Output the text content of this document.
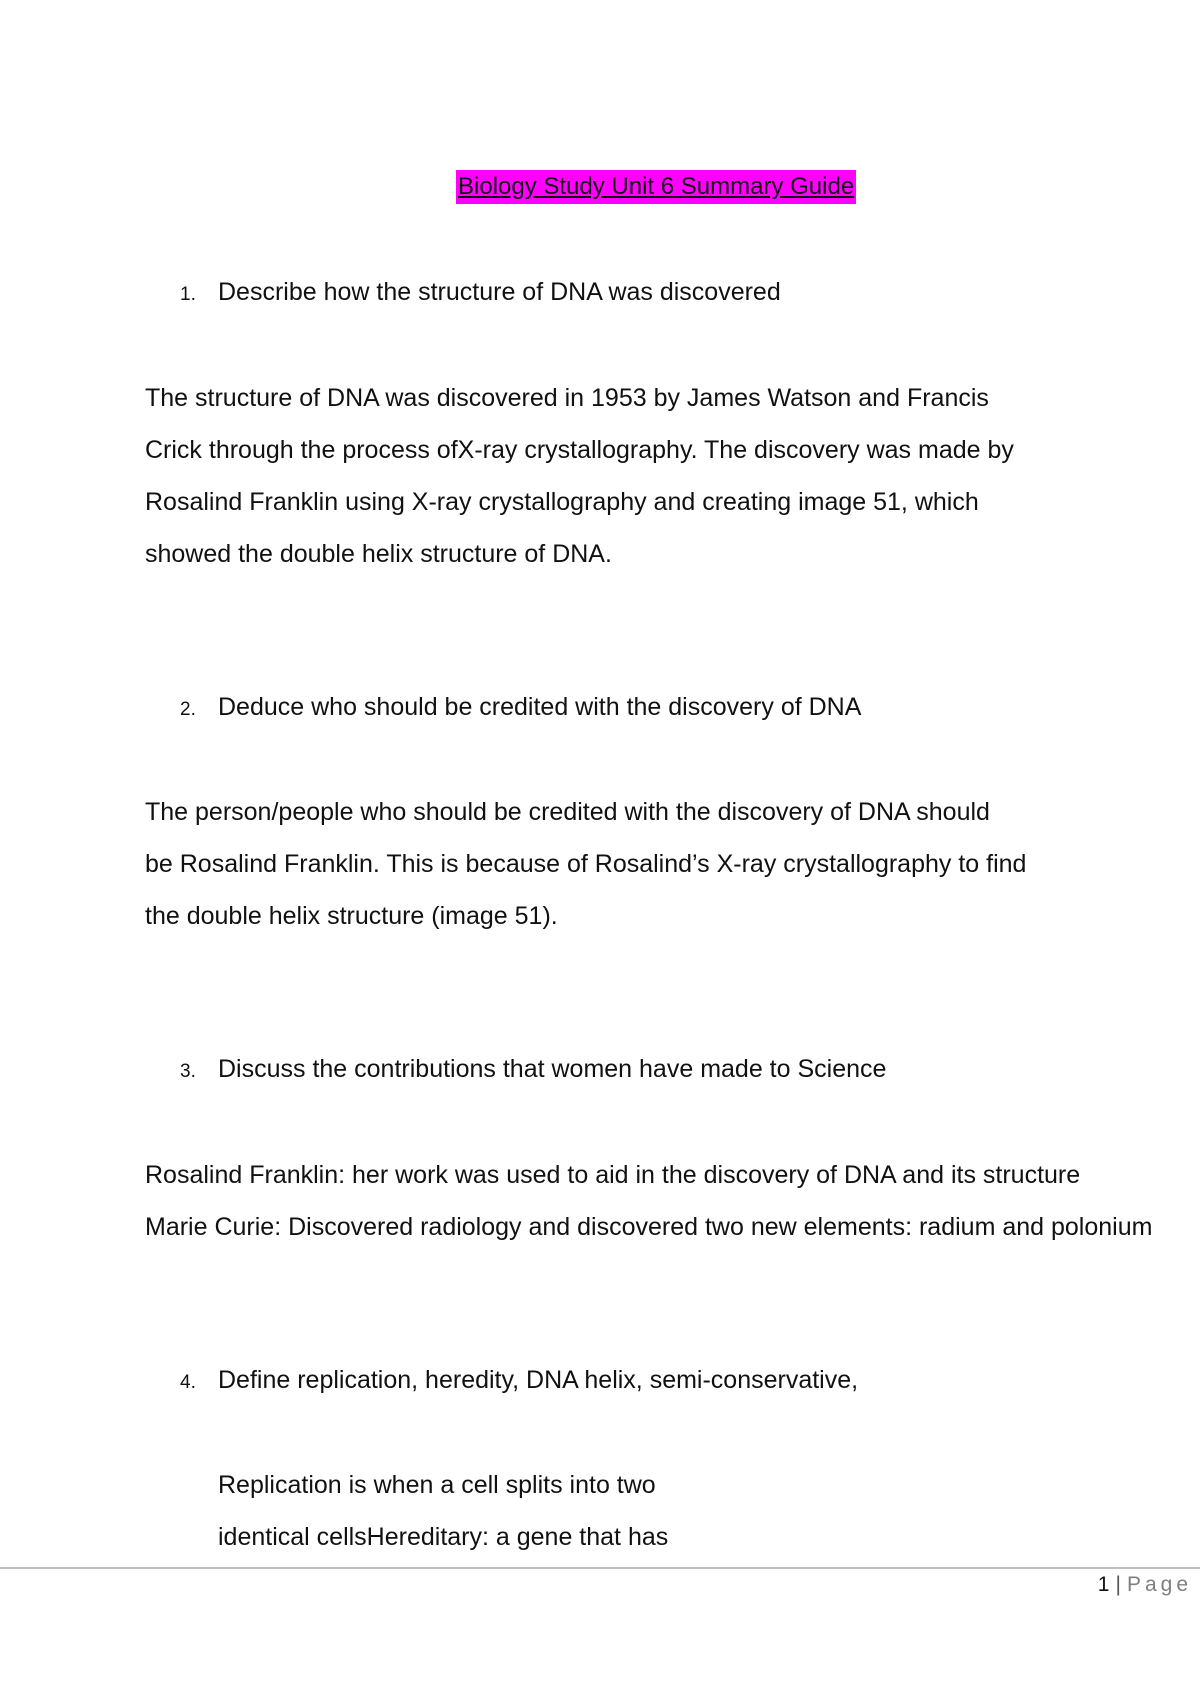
Biology Study Unit 6 Summary Guide
1. Describe how the structure of DNA was discovered
The structure of DNA was discovered in 1953 by James Watson and Francis
Crick through the process ofX-ray crystallography. The discovery was made by
Rosalind Franklin using X-ray crystallography and creating image 51, which
showed the double helix structure of DNA.
2. Deduce who should be credited with the discovery of DNA
The person/people who should be credited with the discovery of DNA should
be Rosalind Franklin. This is because of Rosalind’s X-ray crystallography to find
the double helix structure (image 51).
3. Discuss the contributions that women have made to Science
Rosalind Franklin: her work was used to aid in the discovery of DNA and its structure
Marie Curie: Discovered radiology and discovered two new elements: radium and polonium
4. Define replication, heredity, DNA helix, semi-conservative,
Replication is when a cell splits into two
identical cellsHereditary: a gene that has
1 | Page
